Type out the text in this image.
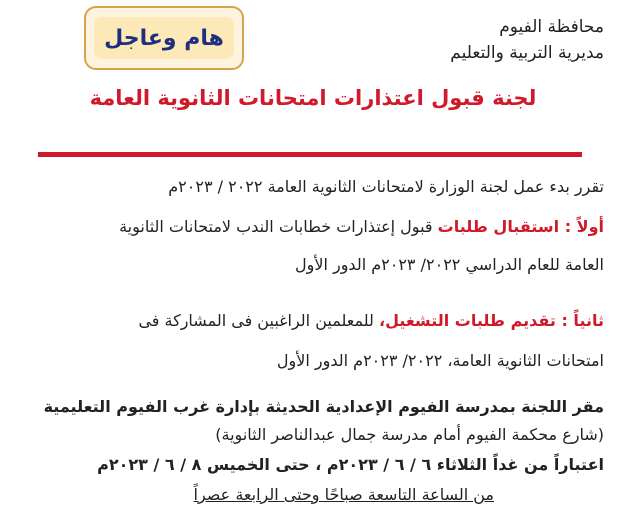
محافظة الفيوم
مديرية التربية والتعليم
هام وعاجل
لجنة قبول اعتذارات امتحانات الثانوية العامة
تقرر بدء عمل لجنة الوزارة لامتحانات الثانوية العامة ٢٠٢٢ / ٢٠٢٣م
أولاً : استقبال طلبات قبول إعتذارات خطابات الندب لامتحانات الثانوية
العامة للعام الدراسي ٢٠٢٢/ ٢٠٢٣م الدور الأول
ثانياً : تقديم طلبات التشغيل، للمعلمين الراغبين فى المشاركة فى
امتحانات الثانوية العامة، ٢٠٢٢/ ٢٠٢٣م الدور الأول
مقر اللجنة بمدرسة الفيوم الإعدادية الحديثة بإدارة غرب الفيوم التعليمية
(شارع محكمة الفيوم أمام مدرسة جمال عبدالناصر الثانوية)
اعتباراً من غداً الثلاثاء ٦ / ٦ / ٢٠٢٣م ، حتى الخميس ٨ / ٦ / ٢٠٢٣م
من الساعة التاسعة صباحًا وحتى الرابعة عصراً
